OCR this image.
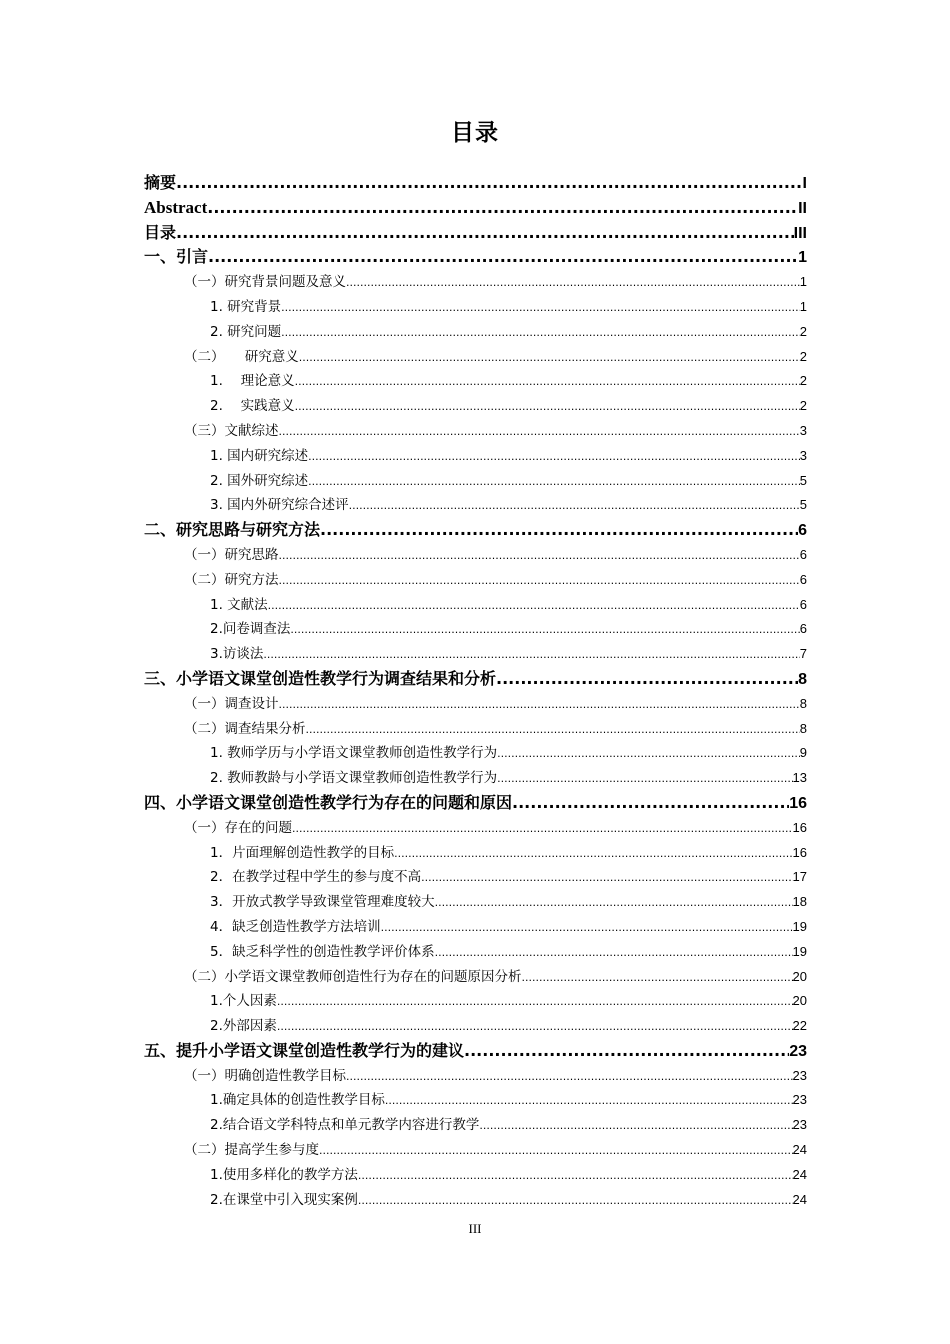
目录
摘要 .....	I
Abstract .....	II
目录 .....	III
一、引言 .....	1
（一）研究背景问题及意义 .....	1
1. 研究背景 .....	1
2. 研究问题 .....	2
（二）　　研究意义 .....	2
1.　 理论意义 .....	2
2.　 实践意义 .....	2
（三）文献综述 .....	3
1. 国内研究综述 .....	3
2. 国外研究综述 .....	5
3. 国内外研究综合述评 .....	5
二、研究思路与研究方法 .....	6
（一）研究思路 .....	6
（二）研究方法 .....	6
1. 文献法 .....	6
2.问卷调查法 .....	6
3.访谈法 .....	7
三、小学语文课堂创造性教学行为调查结果和分析 .....	8
（一）调查设计 .....	8
（二）调查结果分析 .....	8
1. 教师学历与小学语文课堂教师创造性教学行为 .....	9
2. 教师教龄与小学语文课堂教师创造性教学行为 .....	13
四、小学语文课堂创造性教学行为存在的问题和原因 .....	16
（一）存在的问题 .....	16
1．片面理解创造性教学的目标 .....	16
2．在教学过程中学生的参与度不高 .....	17
3．开放式教学导致课堂管理难度较大 .....	18
4．缺乏创造性教学方法培训 .....	19
5．缺乏科学性的创造性教学评价体系 .....	19
（二）小学语文课堂教师创造性行为存在的问题原因分析 .....	20
1.个人因素 .....	20
2.外部因素 .....	22
五、提升小学语文课堂创造性教学行为的建议 .....	23
（一）明确创造性教学目标 .....	23
1.确定具体的创造性教学目标 .....	23
2.结合语文学科特点和单元教学内容进行教学 .....	23
（二）提高学生参与度 .....	24
1.使用多样化的教学方法 .....	24
2.在课堂中引入现实案例 .....	24
III
